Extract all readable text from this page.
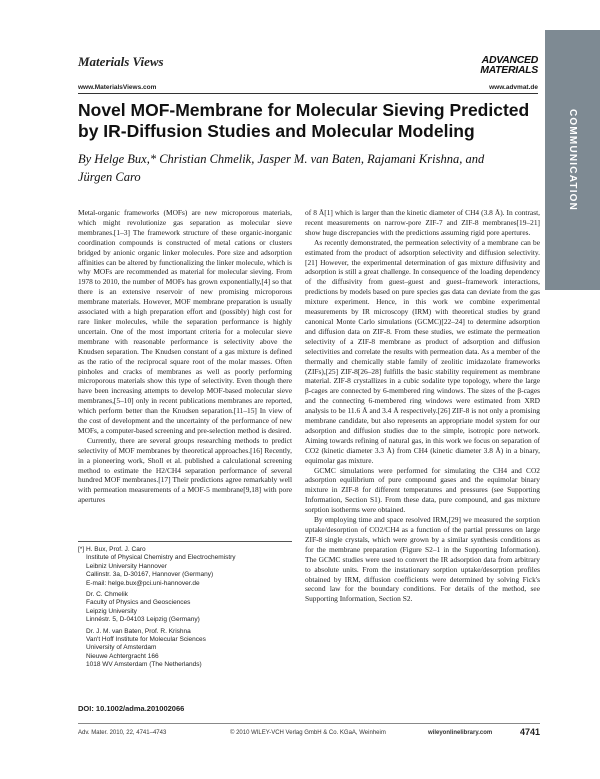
Materials Views
www.MaterialsViews.com
ADVANCED MATERIALS
www.advmat.de
COMMUNICATION
Novel MOF-Membrane for Molecular Sieving Predicted by IR-Diffusion Studies and Molecular Modeling
By Helge Bux,* Christian Chmelik, Jasper M. van Baten, Rajamani Krishna, and Jürgen Caro

Metal-organic frameworks (MOFs) are new microporous materials, which might revolutionize gas separation as molecular sieve membranes.[1–3] The framework structure of these organic-inorganic coordination compounds is constructed of metal cations or clusters bridged by anionic organic linker molecules. Pore size and adsorption affinities can be altered by functionalizing the linker molecule, which is why MOFs are recommended as material for molecular sieving. From 1978 to 2010, the number of MOFs has grown exponentially,[4] so that there is an extensive reservoir of new promising microporous membrane materials. However, MOF membrane preparation is usually associated with a high preparation effort and (possibly) high cost for rare linker molecules, while the separation performance is highly uncertain. One of the most important criteria for a molecular sieve membrane with reasonable performance is selectivity above the Knudsen separation. The Knudsen constant of a gas mixture is defined as the ratio of the reciprocal square root of the molar masses. Often pinholes and cracks of membranes as well as poorly performing microporous materials show this type of selectivity. Even though there have been increasing attempts to develop MOF-based molecular sieve membranes,[5–10] only in recent publications membranes are reported, which perform better than the Knudsen separation.[11–15] In view of the cost of development and the uncertainty of the performance of new MOFs, a computer-based screening and pre-selection method is desired.

Currently, there are several groups researching methods to predict selectivity of MOF membranes by theoretical approaches.[16] Recently, in a pioneering work, Sholl et al. published a calculational screening method to estimate the H2/CH4 separation performance of several hundred MOF membranes.[17] Their predictions agree remarkably well with permeation measurements of a MOF-5 membrane[9,18] with pore apertures

of 8 Å[1] which is larger than the kinetic diameter of CH4 (3.8 Å). In contrast, recent measurements on narrow-pore ZIF-7 and ZIF-8 membranes[19–21] show huge discrepancies with the predictions assuming rigid pore apertures.

As recently demonstrated, the permeation selectivity of a membrane can be estimated from the product of adsorption selectivity and diffusion selectivity.[21] However, the experimental determination of gas mixture diffusivity and adsorption is still a great challenge. In consequence of the loading dependency of the diffusivity from guest–guest and guest–framework interactions, predictions by models based on pure species gas data can deviate from the gas mixture experiment. Hence, in this work we combine experimental measurements by IR microscopy (IRM) with theoretical studies by grand canonical Monte Carlo simulations (GCMC)[22–24] to determine adsorption and diffusion data on ZIF-8. From these studies, we estimate the permeation selectivity of a ZIF-8 membrane as product of adsorption and diffusion selectivities and correlate the results with permeation data. As a member of the thermally and chemically stable family of zeolitic imidazolate frameworks (ZIFs),[25] ZIF-8[26–28] fulfills the basic stability requirement as membrane material. ZIF-8 crystallizes in a cubic sodalite type topology, where the large β-cages are connected by 6-membered ring windows. The sizes of the β-cages and the connecting 6-membered ring windows were estimated from XRD analysis to be 11.6 Å and 3.4 Å respectively.[26] ZIF-8 is not only a promising membrane candidate, but also represents an appropriate model system for our adsorption and diffusion studies due to the simple, isotropic pore network. Aiming towards refining of natural gas, in this work we focus on separation of CO2 (kinetic diameter 3.3 Å) from CH4 (kinetic diameter 3.8 Å) in a binary, equimolar gas mixture.

GCMC simulations were performed for simulating the CH4 and CO2 adsorption equilibrium of pure compound gases and the equimolar binary mixture in ZIF-8 for different temperatures and pressures (see Supporting Information, Section S1). From these data, pure compound, and gas mixture sorption isotherms were obtained.

By employing time and space resolved IRM,[29] we measured the sorption uptake/desorption of CO2/CH4 as a function of the partial pressures on large ZIF-8 single crystals, which were grown by a similar synthesis conditions as for the membrane preparation (Figure S2–1 in the Supporting Information). The GCMC studies were used to convert the IR adsorption data from arbitrary to absolute units. From the instationary sorption uptake/desorption profiles obtained by IRM, diffusion coefficients were determined by solving Fick's second law for the boundary conditions. For details of the method, see Supporting Information, Section S2.

[*] H. Bux, Prof. J. Caro
Institute of Physical Chemistry and Electrochemistry
Leibniz University Hannover
Callinstr. 3a, D-30167, Hannover (Germany)
E-mail: helge.bux@pci.uni-hannover.de
Dr. C. Chmelik
Faculty of Physics and Geosciences
Leipzig University
Linnéstr. 5, D-04103 Leipzig (Germany)
Dr. J. M. van Baten, Prof. R. Krishna
Van't Hoff Institute for Molecular Sciences
University of Amsterdam
Nieuwe Achtergracht 166
1018 WV Amsterdam (The Netherlands)
DOI: 10.1002/adma.201002066
Adv. Mater. 2010, 22, 4741–4743	© 2010 WILEY-VCH Verlag GmbH & Co. KGaA, Weinheim	wileyonlinelibrary.com	4741
